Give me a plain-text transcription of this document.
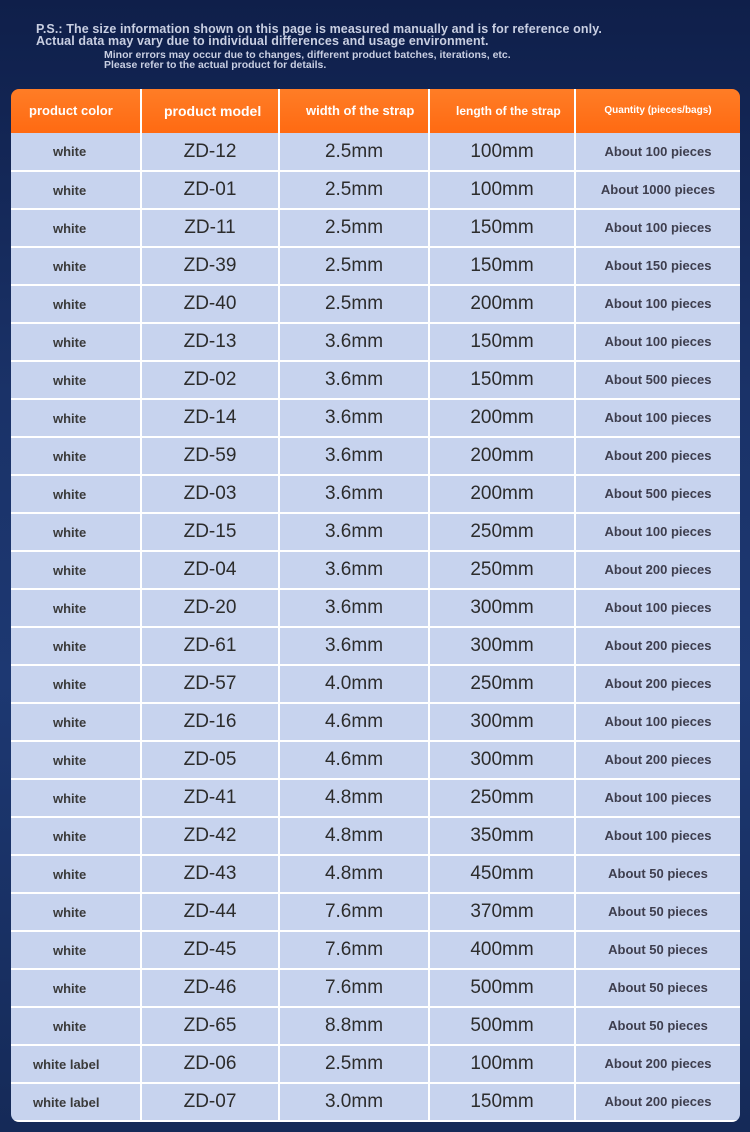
P.S.: The size information shown on this page is measured manually and is for reference only. Actual data may vary due to individual differences and usage environment.
Minor errors may occur due to changes, different product batches, iterations, etc. Please refer to the actual product for details.
product color	product model	width of the strap	length of the strap	Quantity (pieces/bags)
white	ZD-12	2.5mm	100mm	About 100 pieces
white	ZD-01	2.5mm	100mm	About 1000 pieces
white	ZD-11	2.5mm	150mm	About 100 pieces
white	ZD-39	2.5mm	150mm	About 150 pieces
white	ZD-40	2.5mm	200mm	About 100 pieces
white	ZD-13	3.6mm	150mm	About 100 pieces
white	ZD-02	3.6mm	150mm	About 500 pieces
white	ZD-14	3.6mm	200mm	About 100 pieces
white	ZD-59	3.6mm	200mm	About 200 pieces
white	ZD-03	3.6mm	200mm	About 500 pieces
white	ZD-15	3.6mm	250mm	About 100 pieces
white	ZD-04	3.6mm	250mm	About 200 pieces
white	ZD-20	3.6mm	300mm	About 100 pieces
white	ZD-61	3.6mm	300mm	About 200 pieces
white	ZD-57	4.0mm	250mm	About 200 pieces
white	ZD-16	4.6mm	300mm	About 100 pieces
white	ZD-05	4.6mm	300mm	About 200 pieces
white	ZD-41	4.8mm	250mm	About 100 pieces
white	ZD-42	4.8mm	350mm	About 100 pieces
white	ZD-43	4.8mm	450mm	About 50 pieces
white	ZD-44	7.6mm	370mm	About 50 pieces
white	ZD-45	7.6mm	400mm	About 50 pieces
white	ZD-46	7.6mm	500mm	About 50 pieces
white	ZD-65	8.8mm	500mm	About 50 pieces
white label	ZD-06	2.5mm	100mm	About 200 pieces
white label	ZD-07	3.0mm	150mm	About 200 pieces
